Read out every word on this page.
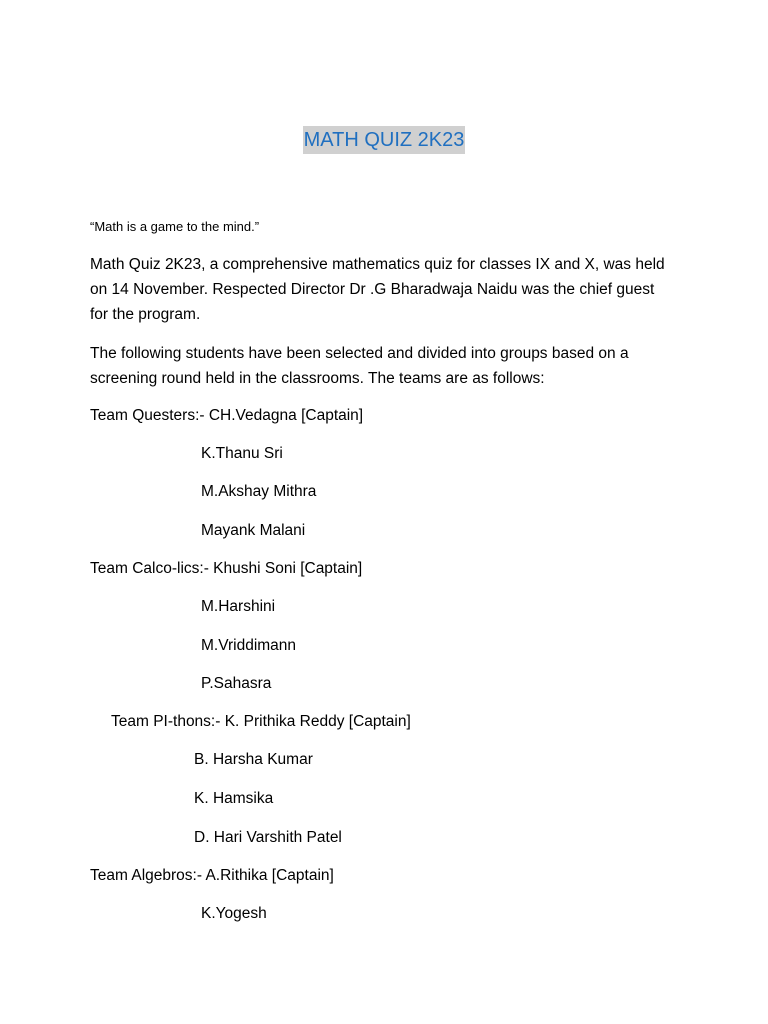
MATH QUIZ 2K23
“Math is a game to the mind.”
Math Quiz 2K23, a comprehensive mathematics quiz for classes IX and X, was held
on 14 November. Respected Director Dr .G Bharadwaja Naidu was the chief guest
for the program.
The following students have been selected and divided into groups based on a
screening round held in the classrooms. The teams are as follows:
Team Questers:- CH.Vedagna [Captain]
K.Thanu Sri
M.Akshay Mithra
Mayank Malani
Team Calco-lics:- Khushi Soni [Captain]
M.Harshini
M.Vriddimann
P.Sahasra
Team PI-thons:- K. Prithika Reddy [Captain]
B. Harsha Kumar
K. Hamsika
D. Hari Varshith Patel
Team Algebros:- A.Rithika [Captain]
K.Yogesh
